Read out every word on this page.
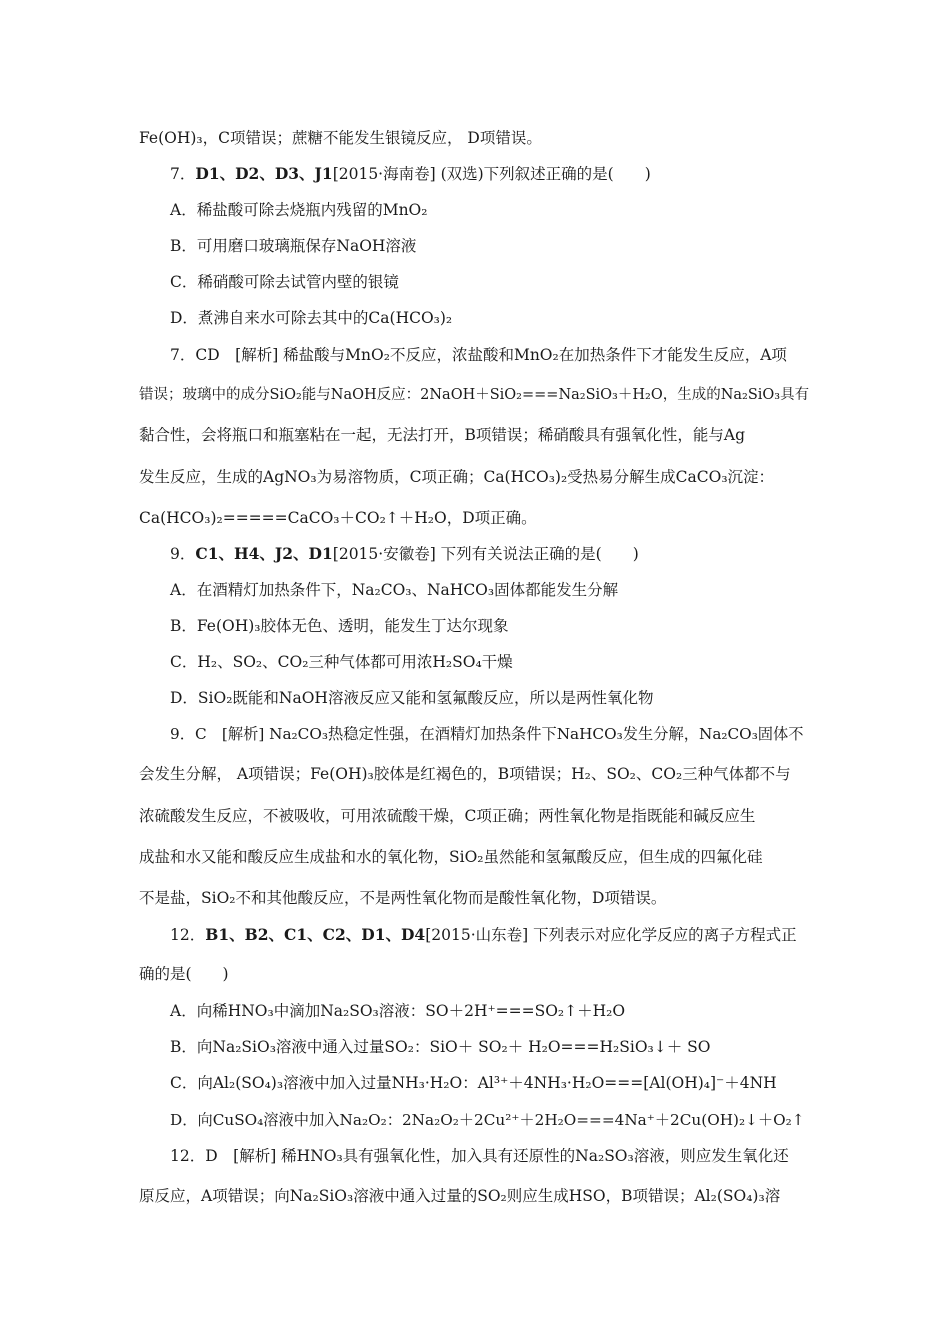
Fe(OH)₃，C项错误；蔗糖不能发生银镜反应， D项错误。
7．D1、D2、D3、J1[2015·海南卷] (双选)下列叙述正确的是(　　)
A．稀盐酸可除去烧瓶内残留的MnO₂
B．可用磨口玻璃瓶保存NaOH溶液
C．稀硝酸可除去试管内壁的银镜
D．煮沸自来水可除去其中的Ca(HCO₃)₂
7．CD　[解析] 稀盐酸与MnO₂不反应，浓盐酸和MnO₂在加热条件下才能发生反应，A项
错误；玻璃中的成分SiO₂能与NaOH反应：2NaOH＋SiO₂===Na₂SiO₃＋H₂O，生成的Na₂SiO₃具有
黏合性，会将瓶口和瓶塞粘在一起，无法打开，B项错误；稀硝酸具有强氧化性，能与Ag
发生反应，生成的AgNO₃为易溶物质，C项正确；Ca(HCO₃)₂受热易分解生成CaCO₃沉淀：
Ca(HCO₃)₂=====CaCO₃＋CO₂↑＋H₂O，D项正确。
9．C1、H4、J2、D1[2015·安徽卷] 下列有关说法正确的是(　　)
A．在酒精灯加热条件下，Na₂CO₃、NaHCO₃固体都能发生分解
B．Fe(OH)₃胶体无色、透明，能发生丁达尔现象
C．H₂、SO₂、CO₂三种气体都可用浓H₂SO₄干燥
D．SiO₂既能和NaOH溶液反应又能和氢氟酸反应，所以是两性氧化物
9．C　[解析] Na₂CO₃热稳定性强，在酒精灯加热条件下NaHCO₃发生分解，Na₂CO₃固体不
会发生分解， A项错误；Fe(OH)₃胶体是红褐色的，B项错误；H₂、SO₂、CO₂三种气体都不与
浓硫酸发生反应，不被吸收，可用浓硫酸干燥，C项正确；两性氧化物是指既能和碱反应生
成盐和水又能和酸反应生成盐和水的氧化物，SiO₂虽然能和氢氟酸反应，但生成的四氟化硅
不是盐，SiO₂不和其他酸反应，不是两性氧化物而是酸性氧化物，D项错误。
12．B1、B2、C1、C2、D1、D4[2015·山东卷] 下列表示对应化学反应的离子方程式正
确的是(　　)
A．向稀HNO₃中滴加Na₂SO₃溶液：SO＋2H⁺===SO₂↑＋H₂O
B．向Na₂SiO₃溶液中通入过量SO₂：SiO＋ SO₂＋ H₂O===H₂SiO₃↓＋ SO
C．向Al₂(SO₄)₃溶液中加入过量NH₃·H₂O：Al³⁺＋4NH₃·H₂O===[Al(OH)₄]⁻＋4NH
D．向CuSO₄溶液中加入Na₂O₂：2Na₂O₂＋2Cu²⁺＋2H₂O===4Na⁺＋2Cu(OH)₂↓＋O₂↑
12．D　[解析] 稀HNO₃具有强氧化性，加入具有还原性的Na₂SO₃溶液，则应发生氧化还
原反应，A项错误；向Na₂SiO₃溶液中通入过量的SO₂则应生成HSO，B项错误；Al₂(SO₄)₃溶
